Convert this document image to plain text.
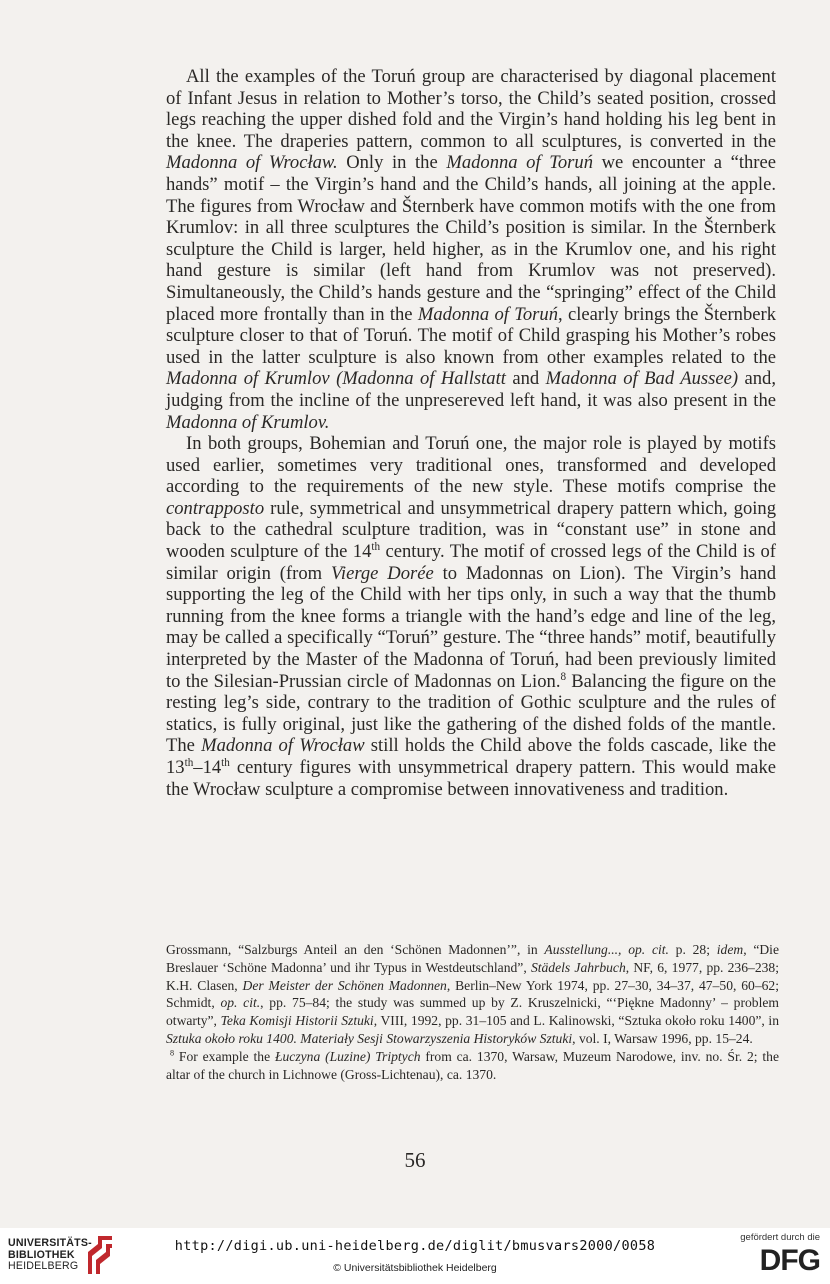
All the examples of the Toruń group are characterised by diagonal placement of Infant Jesus in relation to Mother’s torso, the Child’s seated position, crossed legs reaching the upper dished fold and the Virgin’s hand holding his leg bent in the knee. The draperies pattern, common to all sculptures, is converted in the Madonna of Wrocław. Only in the Madonna of Toruń we encounter a “three hands” motif – the Virgin’s hand and the Child’s hands, all joining at the apple. The figures from Wrocław and Šternberk have common motifs with the one from Krumlov: in all three sculptures the Child’s position is similar. In the Šternberk sculpture the Child is larger, held higher, as in the Krumlov one, and his right hand gesture is similar (left hand from Krumlov was not preserved). Simultaneously, the Child’s hands gesture and the “springing” effect of the Child placed more frontally than in the Madonna of Toruń, clearly brings the Šternberk sculpture closer to that of Toruń. The motif of Child grasping his Mother’s robes used in the latter sculpture is also known from other examples related to the Madonna of Krumlov (Madonna of Hallstatt and Madonna of Bad Aussee) and, judging from the incline of the unpresereved left hand, it was also present in the Madonna of Krumlov.

In both groups, Bohemian and Toruń one, the major role is played by motifs used earlier, sometimes very traditional ones, transformed and developed according to the requirements of the new style. These motifs comprise the contrapposto rule, symmetrical and unsymmetrical drapery pattern which, going back to the cathedral sculpture tradition, was in “constant use” in stone and wooden sculpture of the 14th century. The motif of crossed legs of the Child is of similar origin (from Vierge Dorée to Madonnas on Lion). The Virgin’s hand supporting the leg of the Child with her tips only, in such a way that the thumb running from the knee forms a triangle with the hand’s edge and line of the leg, may be called a specifically “Toruń” gesture. The “three hands” motif, beautifully interpreted by the Master of the Madonna of Toruń, had been previously limited to the Silesian-Prussian circle of Madonnas on Lion.$^8$ Balancing the figure on the resting leg’s side, contrary to the tradition of Gothic sculpture and the rules of statics, is fully original, just like the gathering of the dished folds of the mantle. The Madonna of Wrocław still holds the Child above the folds cascade, like the 13th–14th century figures with unsymmetrical drapery pattern. This would make the Wrocław sculpture a compromise between innovativeness and tradition.

Grossmann, “Salzburgs Anteil an den ‘Schönen Madonnen’”, in Ausstellung..., op. cit. p. 28; idem, “Die Breslauer ‘Schöne Madonna’ und ihr Typus in Westdeutschland”, Städels Jahrbuch, NF, 6, 1977, pp. 236–238; K.H. Clasen, Der Meister der Schönen Madonnen, Berlin–New York 1974, pp. 27–30, 34–37, 47–50, 60–62; Schmidt, op. cit., pp. 75–84; the study was summed up by Z. Kruszelnicki, “‘Piękne Madonny’ – problem otwarty”, Teka Komisji Historii Sztuki, VIII, 1992, pp. 31–105 and L. Kalinowski, “Sztuka około roku 1400”, in Sztuka około roku 1400. Materiały Sesji Stowarzyszenia Historyków Sztuki, vol. I, Warsaw 1996, pp. 15–24.

$^8$ For example the Łuczyna (Luzine) Triptych from ca. 1370, Warsaw, Muzeum Narodowe, inv. no. Śr. 2; the altar of the church in Lichnowe (Gross-Lichtenau), ca. 1370.

56
UNIVERSITÄTS-
BIBLIOTHEK
HEIDELBERG
http://digi.ub.uni-heidelberg.de/diglit/bmusvars2000/0058
© Universitätsbibliothek Heidelberg
gefördert durch die
DFG
